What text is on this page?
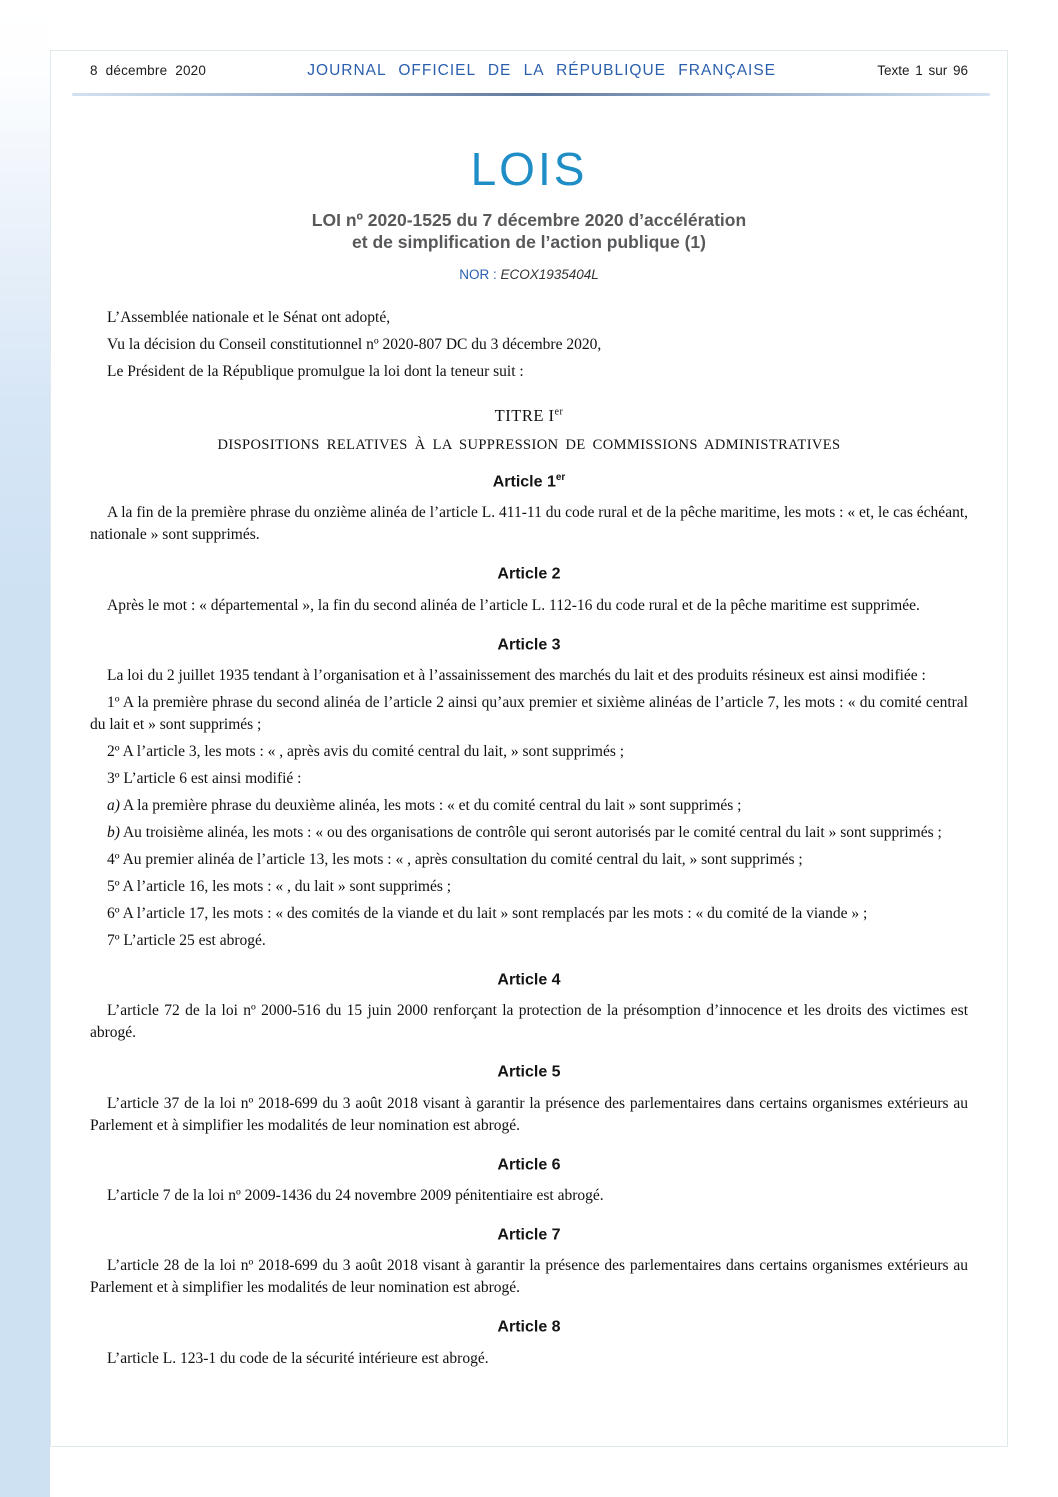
8 décembre 2020	JOURNAL OFFICIEL DE LA RÉPUBLIQUE FRANÇAISE	Texte 1 sur 96
LOIS
LOI nº 2020-1525 du 7 décembre 2020 d’accélération
et de simplification de l’action publique (1)
NOR : ECOX1935404L

L’Assemblée nationale et le Sénat ont adopté,

Vu la décision du Conseil constitutionnel nº 2020-807 DC du 3 décembre 2020,

Le Président de la République promulgue la loi dont la teneur suit :

TITRE Ier
DISPOSITIONS RELATIVES À LA SUPPRESSION DE COMMISSIONS ADMINISTRATIVES
Article 1er

A la fin de la première phrase du onzième alinéa de l’article L. 411-11 du code rural et de la pêche maritime, les mots : « et, le cas échéant, nationale » sont supprimés.

Article 2

Après le mot : « départemental », la fin du second alinéa de l’article L. 112-16 du code rural et de la pêche maritime est supprimée.

Article 3

La loi du 2 juillet 1935 tendant à l’organisation et à l’assainissement des marchés du lait et des produits résineux est ainsi modifiée :

1º A la première phrase du second alinéa de l’article 2 ainsi qu’aux premier et sixième alinéas de l’article 7, les mots : « du comité central du lait et » sont supprimés ;

2º A l’article 3, les mots : « , après avis du comité central du lait, » sont supprimés ;

3º L’article 6 est ainsi modifié :

a) A la première phrase du deuxième alinéa, les mots : « et du comité central du lait » sont supprimés ;

b) Au troisième alinéa, les mots : « ou des organisations de contrôle qui seront autorisés par le comité central du lait » sont supprimés ;

4º Au premier alinéa de l’article 13, les mots : « , après consultation du comité central du lait, » sont supprimés ;

5º A l’article 16, les mots : « , du lait » sont supprimés ;

6º A l’article 17, les mots : « des comités de la viande et du lait » sont remplacés par les mots : « du comité de la viande » ;

7º L’article 25 est abrogé.

Article 4

L’article 72 de la loi nº 2000-516 du 15 juin 2000 renforçant la protection de la présomption d’innocence et les droits des victimes est abrogé.

Article 5

L’article 37 de la loi nº 2018-699 du 3 août 2018 visant à garantir la présence des parlementaires dans certains organismes extérieurs au Parlement et à simplifier les modalités de leur nomination est abrogé.

Article 6

L’article 7 de la loi nº 2009-1436 du 24 novembre 2009 pénitentiaire est abrogé.

Article 7

L’article 28 de la loi nº 2018-699 du 3 août 2018 visant à garantir la présence des parlementaires dans certains organismes extérieurs au Parlement et à simplifier les modalités de leur nomination est abrogé.

Article 8

L’article L. 123-1 du code de la sécurité intérieure est abrogé.
